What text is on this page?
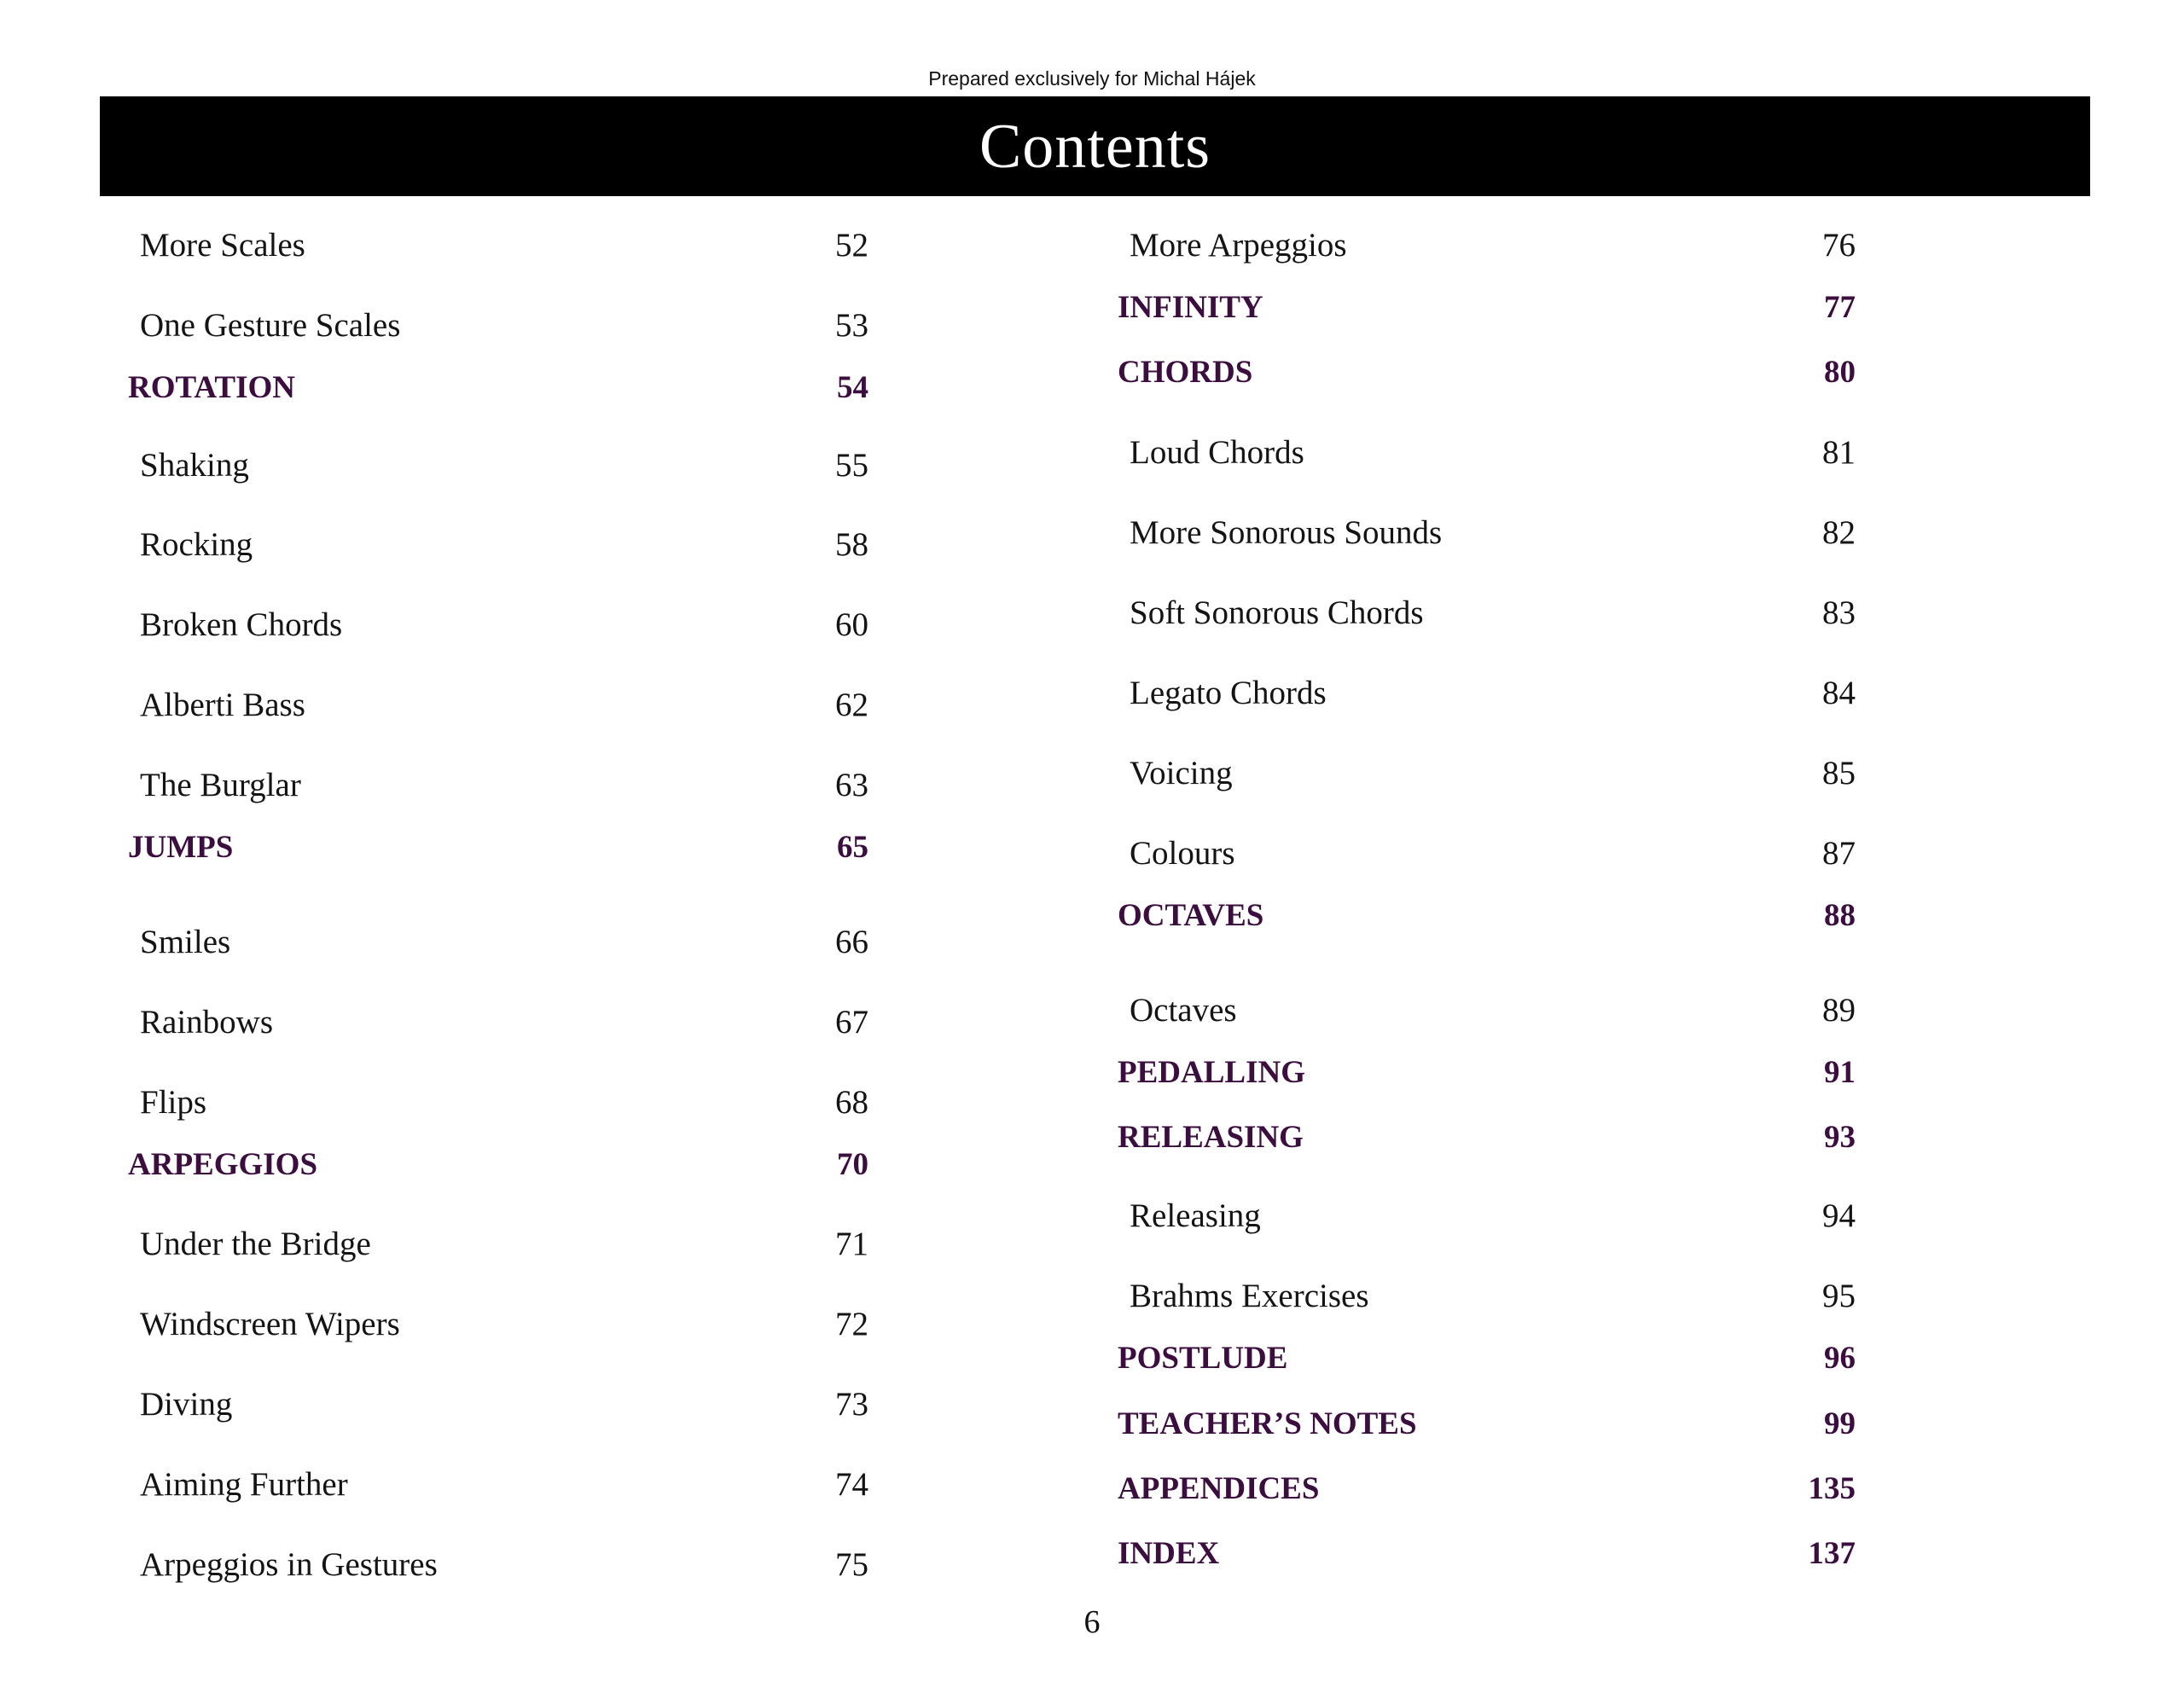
Prepared exclusively for Michal Hájek
Contents
More Scales	52
One Gesture Scales	53
ROTATION	54
Shaking	55
Rocking	58
Broken Chords	60
Alberti Bass	62
The Burglar	63
JUMPS	65
Smiles	66
Rainbows	67
Flips	68
ARPEGGIOS	70
Under the Bridge	71
Windscreen Wipers	72
Diving	73
Aiming Further	74
Arpeggios in Gestures	75
More Arpeggios	76
INFINITY	77
CHORDS	80
Loud Chords	81
More Sonorous Sounds	82
Soft Sonorous Chords	83
Legato Chords	84
Voicing	85
Colours	87
OCTAVES	88
Octaves	89
PEDALLING	91
RELEASING	93
Releasing	94
Brahms Exercises	95
POSTLUDE	96
TEACHER’S NOTES	99
APPENDICES	135
INDEX	137
6
